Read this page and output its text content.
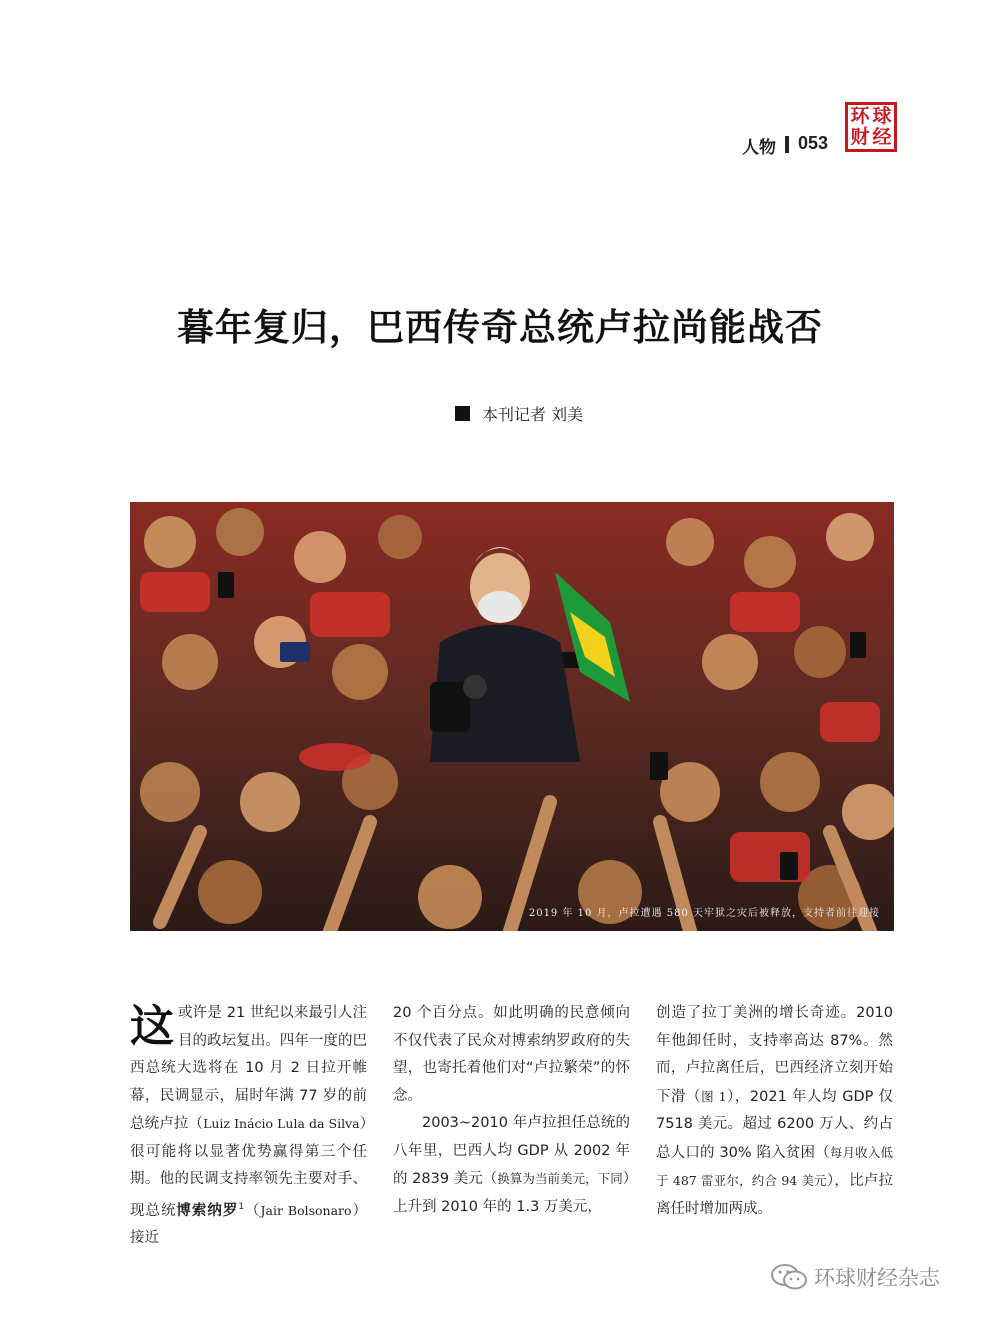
人物 053
环 球
财 经
暮年复归，巴西传奇总统卢拉尚能战否
本刊记者 刘美
2019 年 10 月，卢拉遭遇 580 天牢狱之灾后被释放，支持者前往迎接

这或许是 21 世纪以来最引人注目的政坛复出。四年一度的巴西总统大选将在 10 月 2 日拉开帷幕，民调显示，届时年满 77 岁的前总统卢拉（Luiz Inácio Lula da Silva）很可能将以显著优势赢得第三个任期。他的民调支持率领先主要对手、现总统博索纳罗$^1$（Jair Bolsonaro）接近

20 个百分点。如此明确的民意倾向不仅代表了民众对博索纳罗政府的失望，也寄托着他们对“卢拉繁荣”的怀念。

2003~2010 年卢拉担任总统的八年里，巴西人均 GDP 从 2002 年的 2839 美元（换算为当前美元，下同）上升到 2010 年的 1.3 万美元，

创造了拉丁美洲的增长奇迹。2010 年他卸任时，支持率高达 87%。然而，卢拉离任后，巴西经济立刻开始下滑（图 1），2021 年人均 GDP 仅 7518 美元。超过 6200 万人、约占总人口的 30% 陷入贫困（每月收入低于 487 雷亚尔，约合 94 美元），比卢拉离任时增加两成。

环球财经杂志
